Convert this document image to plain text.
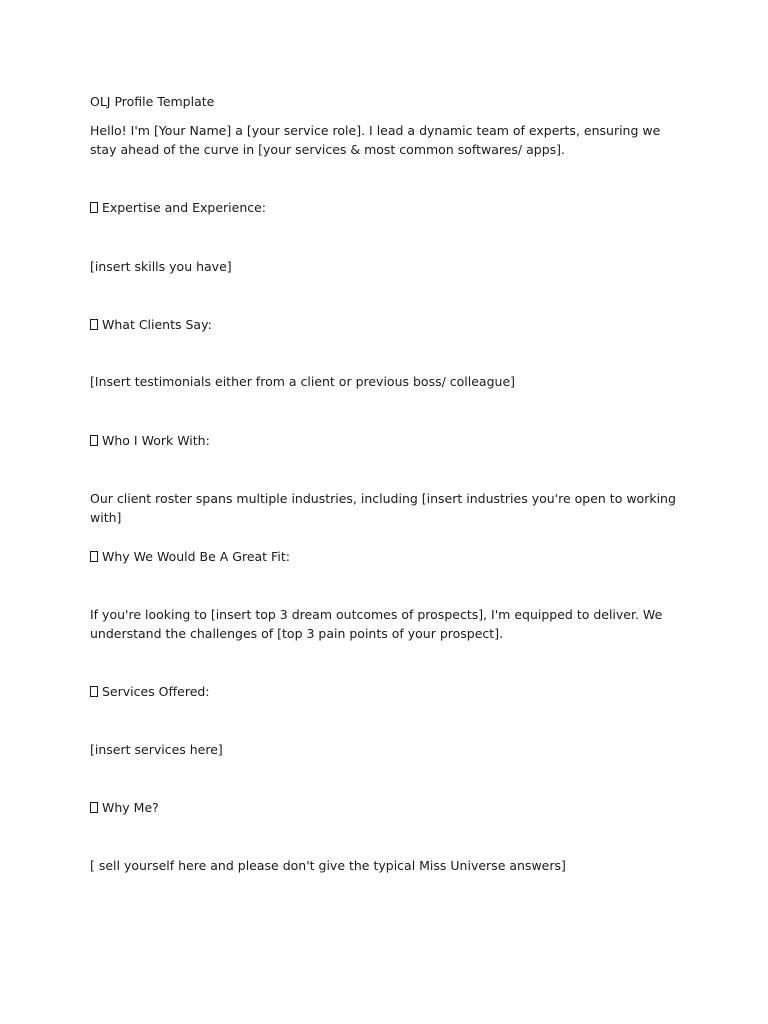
OLJ Profile Template
Hello! I'm [Your Name] a [your service role]. I lead a dynamic team of experts, ensuring we stay ahead of the curve in [your services & most common softwares/ apps].
Expertise and Experience:
[insert skills you have]
What Clients Say:
[Insert testimonials either from a client or previous boss/ colleague]
Who I Work With:
Our client roster spans multiple industries, including [insert industries you're open to working with]
Why We Would Be A Great Fit:
If you're looking to [insert top 3 dream outcomes of prospects], I'm equipped to deliver. We understand the challenges of [top 3 pain points of your prospect].
Services Offered:
[insert services here]
Why Me?
[ sell yourself here and please don't give the typical Miss Universe answers]
